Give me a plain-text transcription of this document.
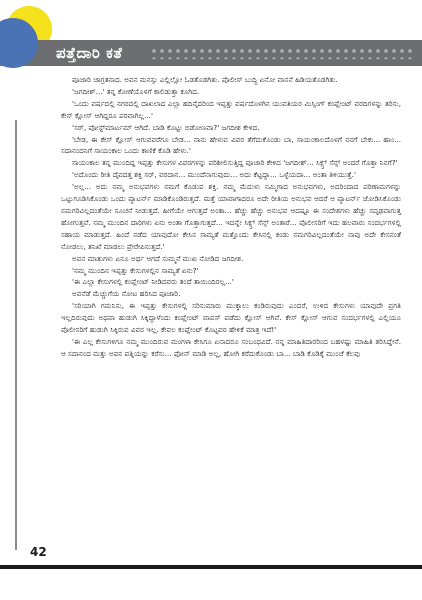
ಪತ್ತೆದಾರಿ ಕತೆ

ಪೂಜಾರಿ ಜಾಗ್ರತನಾದ. ಅವನ ಮನಸ್ಸು ಎಲ್ಲಿಲ್ಲೋ ಓಡತೊಡಗಿತು. ಪೊಲೀಸ್ ಬುದ್ಧಿ ಏನೋ ವಾಸನೆ ಹಿಡಿಯತೊಡಗಿತು.

'ಜಗದೀಶ್...' ತನ್ನ ಕೋಣೆಯೊಳಗೆ ಕಾಲಿಡುತ್ತಾ ಕೂಗಿದ.

'ಒಂದು ವರ್ಷದಲ್ಲಿ ನಗರದಲ್ಲಿ ದಾಖಲಾದ ಎಲ್ಲಾ ಹದಿನೈದರಿಂದ ಇಪ್ಪತ್ತು ವರ್ಷದೊಳಗಿನ ಯುವತಿಯರ ಮಿಸ್ಸಿಂಗ್ ಕಂಪ್ಲೇಂಟ್ ವರದಿಗಳನ್ನು ತರಿಸು, ಕೇಸ್ ಕ್ಲೋಸ್ ಆಗಿದ್ದರೂ ಪರವಾಗಿಲ್ಲ...'

'ಸರ್, ಪೋಸ್ಟ್‌ಮಾರ್ಟಮ್ ಆಗಿದೆ. ಬಾಡಿ ಕೊಟ್ಟು ಬಿಡೋಣವಾ?' ಜಗದೀಶ ಕೇಳಿದ.

'ಬೇಡ, ಈ ಕೇಸ್ ಕ್ಲೋಸ್ ಆಗುವವರೆಗೂ ಬೇಡ... ನಾನು ಹೇಳುವ ವಿವರ ತೆಗೆದುಕೊಂಡು ಬಾ, ಸಾಯಂಕಾಲದೊಳಗೆ ನನಗೆ ಬೇಕು... ಹಾಂ... ಸದಾನಂದನಿಗೆ ಸಾಯಂಕಾಲ ಒಂದು ಕಾಣಿಕೆ ಕೊಡಿ ಹೇಳು.'

ಸಾಯಂಕಾಲ ತನ್ನ ಮುಂದಿದ್ದ ಇಪ್ಪತ್ತು ಕೇಸುಗಳ ವಿವರಗಳನ್ನು ಪರಿಶೀಲಿಸುತ್ತಿದ್ದ ಪೂಜಾರಿ ಕೇಳಿದ 'ಜಗದೀಶ್... ಸಿಕ್ಸ್ತ್ ಸೆನ್ಸ್ ಅಂದರೆ ಗೊತ್ತಾ ನಿನಗೆ?'

'ಅದೊಂದು ರೀತಿ ದೈವದತ್ತ ಶಕ್ತಿ ಸರ್, ವರದಾನ... ಮುಂದೆನಾಗುವುದು... ಅದು ಕೆಟ್ಟದ್ದಾ... ಒಳ್ಳೆಯದಾ... ಅಂತಾ ತಿಳಿಯುತ್ತೆ.'

'ಅಲ್ಲ... ಅದು ನಮ್ಮ ಅನುಭವಗಳು ನಮಗೆ ಕೊಡುವ ಶಕ್ತಿ. ನಮ್ಮ ಮೆದುಳು ನಮ್ಮಿಗಾದ ಅನುಭವಗಳು, ಅದರಿಂದಾದ ಪರಿಣಾಮಗಳನ್ನು ಒಟ್ಟುಗೂಡಿಸಿಕೊಂಡು ಒಂದು ಪ್ಯಾಟರ್ನ್ ಮಾಡಿಕೊಂಡಿರುತ್ತದೆ. ಮತ್ತೆ ಯಾವಾಗಾದರೂ ಅದೇ ರೀತಿಯ ಅನುಭವ ಆದರೆ ಆ ಪ್ಯಾಟರ್ನ್ ಜೋಡಿಸಿಕೊಂಡು ನಮಗರಿವಿಲ್ಲದಂತೆಯೇ ಸೂಚನೆ ನೀಡುತ್ತದೆ. ಹೀಗೆಯೇ ಆಗುತ್ತದೆ ಅಂತಾ... ಹೆಚ್ಚು ಹೆಚ್ಚು ಅನುಭವ ಆದಷ್ಟೂ ಈ ಸಂದೇಶಗಳು ಹೆಚ್ಚು ಸದೃಢವಾಗುತ್ತ ಹೋಗುತ್ತವೆ. ನಮ್ಮ ಮುಂದಿನ ದಾರಿಗಳು ಏನು ಅಂತಾ ಗೊತ್ತಾಗುತ್ತದೆ... ಇದನ್ನೇ ಸಿಕ್ಸ್ತ್ ಸೆನ್ಸ್ ಅಂತಾರೆ... ಪೊಲೀಸರಿಗೆ ಇದು ಹಲವಾರು ಸಂದರ್ಭಗಳಲ್ಲಿ ಸಹಾಯ ಮಾಡುತ್ತದೆ. ಹಿಂದೆ ನಡೆದ ಯಾವುದೋ ಕೇಸಿನ ಸಾಮ್ಯತೆ ಮತ್ತೊಂದು ಕೇಸಿನಲ್ಲಿ ಕಂಡು ನಮಗರಿವಿಲ್ಲದಂತೆಯೇ ನಾವು ಅದೇ ಕೇಸನಂತೆ ನೋಡಲು, ತನಿಖೆ ಮಾಡಲು ಪ್ರೇರೇಪಿಸುತ್ತದೆ.'

ಅವನ ಮಾತುಗಳು ಏನೂ ಅರ್ಥ ಆಗದೆ ಸುಮ್ಮನೆ ಮುಖ ನೋಡಿದ ಜಗದೀಶ.

'ನಮ್ಮ ಮುಂದಿನ ಇಪ್ಪತ್ತು ಕೇಸುಗಳಲ್ಲಿನ ಸಾಮ್ಯತೆ ಏನು?'

'ಈ ಎಲ್ಲಾ ಕೇಸುಗಳಲ್ಲಿ ಕಂಪ್ಲೇಂಟ್ ನೀಡಿದವರು ತಂದೆ ತಾಯಿಂದಿರಲ್ಲ...'

ಅವನೆಡೆ ಮೆಚ್ಚುಗೆಯ ನೋಟ ಹರಿಸಿದ ಪೂಜಾರಿ.

'ಸರಿಯಾಗಿ ಗಮನಿಸು, ಈ ಇಪ್ಪತ್ತು ಕೇಸುಗಳಲ್ಲಿ ಸರಿಸುಮಾರು ಮುಕ್ಕಾಲು ಕಂಡಿರುವುದು ಎಂದರೆ, ಉಳಿದ ಕೇಸುಗಳು ಯಾವುದೇ ಪ್ರಗತಿ ಇಲ್ಲದಿರುವುದು ಅಥವಾ ಹುಡುಗಿ ಸಿಕ್ಕಿದ್ದಾಳೆಂದು ಕಂಪ್ಲೇಂಟ್ ವಾಪಸ್ ಪಡೆದು ಕ್ಲೋಸ್ ಆಗಿವೆ. ಕೇಸ್ ಕ್ಲೋಸ್ ಆಗುವ ಸಂದರ್ಭಗಳಲ್ಲಿ ಎಲ್ಲಿಯೂ ಪೊಲೀಸರಿಗೆ ಹುಡುಗಿ ಸಿಕ್ಕಿರುವ ವಿವರ ಇಲ್ಲ. ಕೇವಲ ಕಂಪ್ಲೇಂಟ್ ಕೊಟ್ಟವರ ಹೇಳಿಕೆ ಮಾತ್ರ ಇದೆ!'

'ಈ ಎಲ್ಲ ಕೇಸುಗಳಿಗೂ ನಮ್ಮ ಮುಂದಿರುವ ಮಂಗಳಾ ಕೇಸಿಗೂ ಏನಾದರೂ ಸಂಬಂಧವಿದೆ. ನನ್ನ ಮಾಹಿತಿದಾರರಿಂದ ಬಹಳಷ್ಟು ಮಾಹಿತಿ ತರಿಸಿದ್ದೇನೆ. ಆ ಸದಾನಂದ ಮತ್ತು ಅವನ ಪತ್ನಿಯನ್ನು ಕರೆಸು... ಫೋನ್ ಮಾಡಿ ಅಲ್ಲ, ಹೋಗಿ ಕರೆದುಕೊಂಡು ಬಾ... ಬಾಡಿ ಕೊಡಿಕ್ಕೆ ಮುಂಚೆ ಕೆಲವು

42
